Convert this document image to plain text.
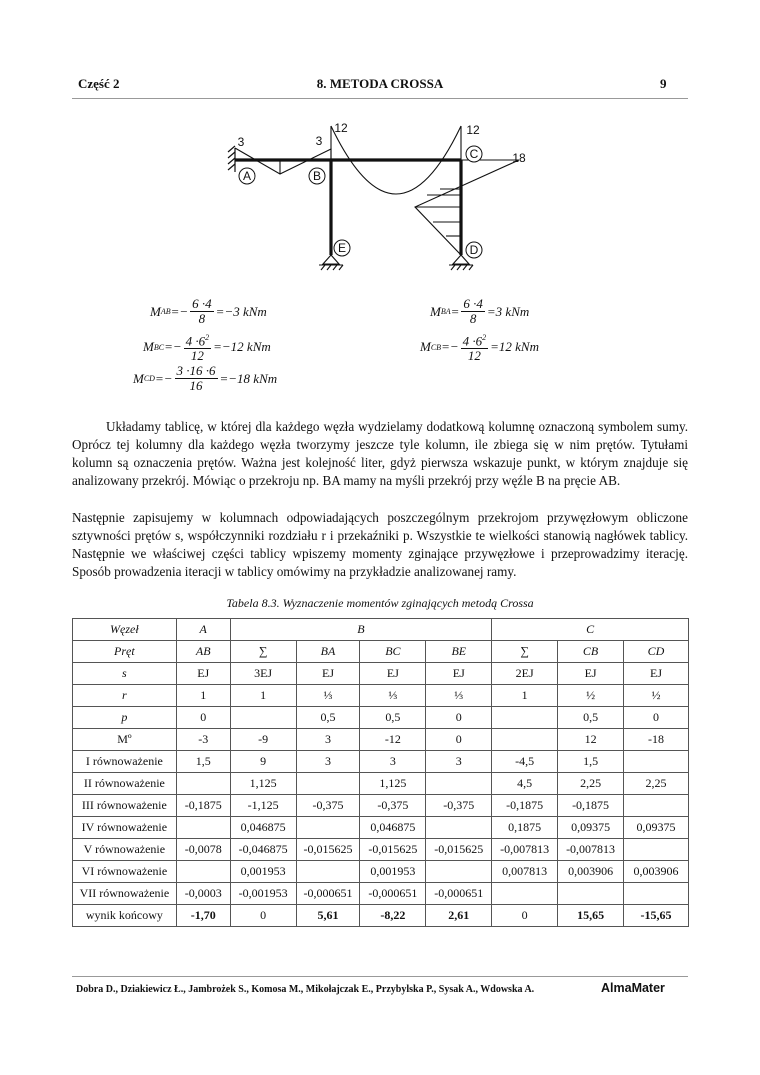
Część 2	8. METODA CROSSA	9
A	B
C
D
E
3	3
12	12
18
M AB =− $\frac{6 \cdot 4}{8} =-3$ kNm	M BA = $\frac{6 \cdot 4}{8} =3$ kNm
M BC =− $\frac{4 \cdot 6^2}{12} =-12$ kNm	M CB =− $\frac{4 \cdot 6^2}{12} =12$ kNm
M CD =− $\frac{3 \cdot 16 \cdot 6}{16} =-18$ kNm
Układamy tablicę, w której dla każdego węzła wydzielamy dodatkową kolumnę oznaczoną symbolem sumy. Oprócz tej kolumny dla każdego węzła tworzymy jeszcze tyle kolumn, ile zbiega się w nim prętów. Tytułami kolumn są oznaczenia prętów. Ważna jest kolejność liter, gdyż pierwsza wskazuje punkt, w którym znajduje się analizowany przekrój. Mówiąc o przekroju np. BA mamy na myśli przekrój przy węźle B na pręcie AB.
Następnie zapisujemy w kolumnach odpowiadających poszczególnym przekrojom przywęzłowym obliczone sztywności prętów s, współczynniki rozdziału r i przekaźniki p. Wszystkie te wielkości stanowią nagłówek tablicy. Następnie we właściwej części tablicy wpiszemy momenty zginające przywęzłowe i przeprowadzimy iterację. Sposób prowadzenia iteracji w tablicy omówimy na przykładzie analizowanej ramy.
Tabela 8.3. Wyznaczenie momentów zginających metodą Crossa
Węzeł	A	B				C		
Pręt	AB	∑	BA	BC	BE	∑	CB	CD
s	EJ	3EJ	EJ	EJ	EJ	2EJ	EJ	EJ
r	1	1	⅓	⅓	⅓	1	½	½
p	0		0,5	0,5	0		0,5	0
Mº	-3	-9	3	-12	0		12	-18
I równoważenie	1,5	9	3	3	3	-4,5	1,5	
II równoważenie		1,125		1,125		4,5	2,25	2,25
III równoważenie	-0,1875	-1,125	-0,375	-0,375	-0,375	-0,1875	-0,1875	
IV równoważenie		0,046875		0,046875		0,1875	0,09375	0,09375
V równoważenie	-0,0078	-0,046875	-0,015625	-0,015625	-0,015625	-0,007813	-0,007813	
VI równoważenie		0,001953		0,001953		0,007813	0,003906	0,003906
VII równoważenie	-0,0003	-0,001953	-0,000651	-0,000651	-0,000651			
wynik końcowy	-1,70	0	5,61	-8,22	2,61	0	15,65	-15,65
Dobra D., Dziakiewicz Ł., Jambrożek S., Komosa M., Mikołajczak E., Przybylska P., Sysak A., Wdowska A.	AlmaMater
